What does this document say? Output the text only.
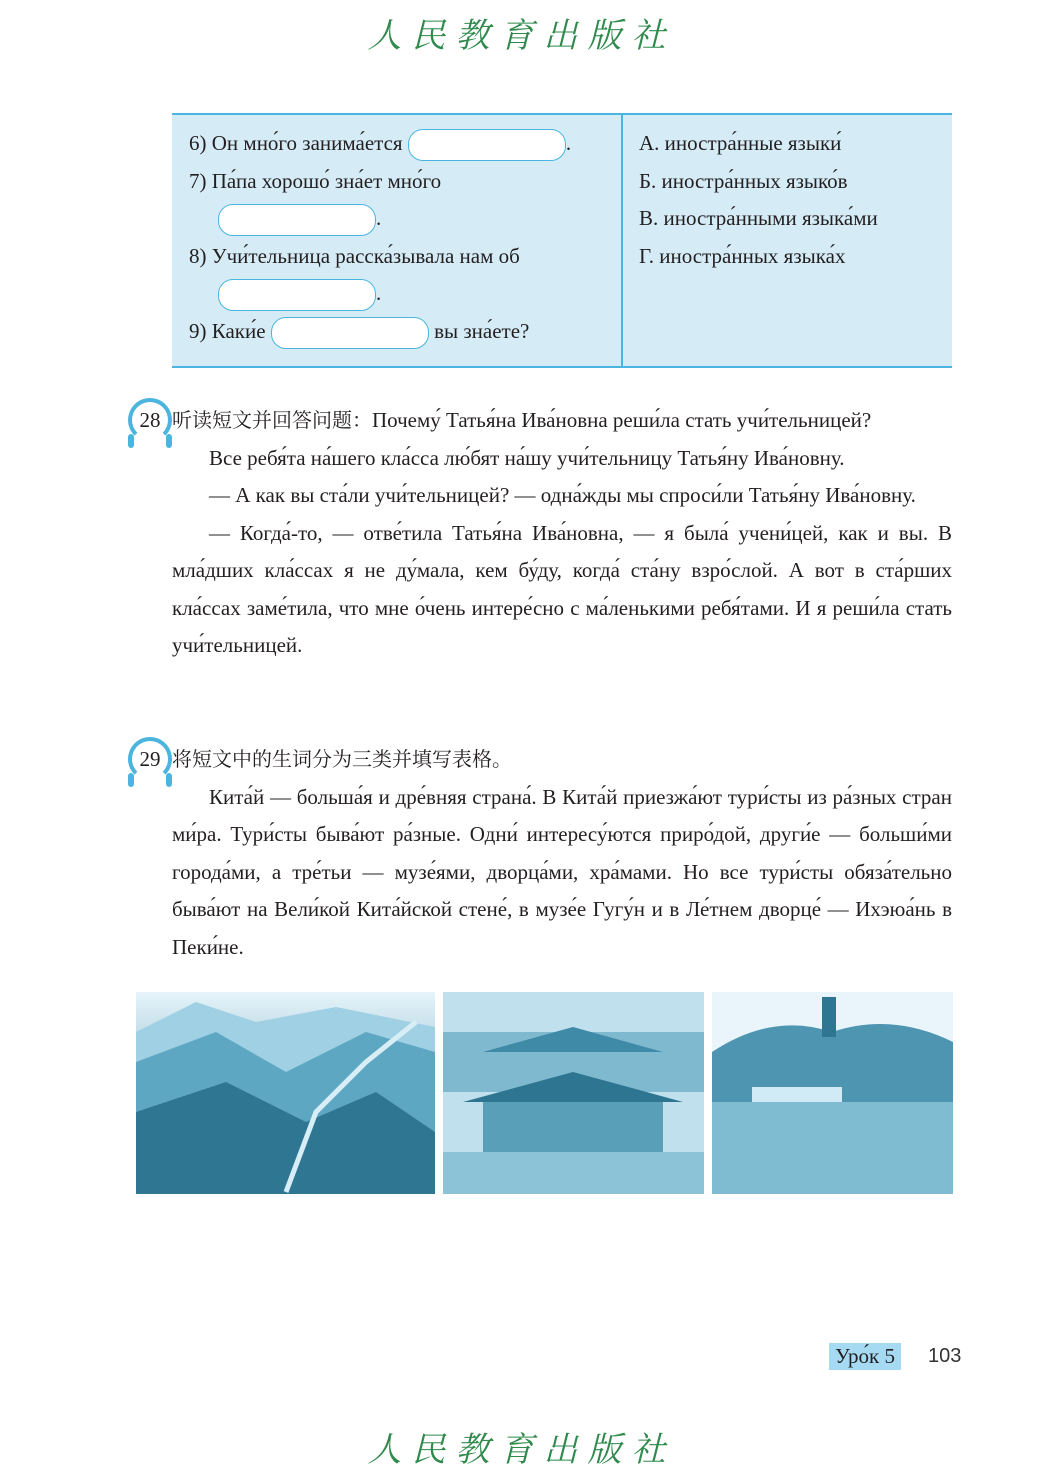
人民教育出版社
6) Он мно́го занима́ется	.
7) Па́па хорошо́ зна́ет мно́го
.
8) Учи́тельница расска́зывала нам об
.
9) Каки́е	вы зна́ете?
А. иностра́нные языки́
Б. иностра́нных языко́в
В. иностра́нными языка́ми
Г. иностра́нных языка́х
28 听读短文并回答问题：Почему́ Татья́на Ива́новна реши́ла стать учи́тельницей?

Все ребя́та на́шего кла́сса лю́бят на́шу учи́тельницу Татья́ну Ива́новну.

— А как вы ста́ли учи́тельницей? — одна́жды мы спроси́ли Татья́ну Ива́новну.

— Когда́-то, — отве́тила Татья́на Ива́новна, — я была́ учени́цей, как и вы. В мла́дших кла́ссах я не ду́мала, кем бу́ду, когда́ ста́ну взро́слой. А вот в ста́рших кла́ссах заме́тила, что мне о́чень интере́сно с ма́ленькими ребя́тами. И я реши́ла стать учи́тельницей.

29 将短文中的生词分为三类并填写表格。

Кита́й — больша́я и дре́вняя страна́. В Кита́й приезжа́ют тури́сты из ра́зных стран ми́ра. Тури́сты быва́ют ра́зные. Одни́ интересу́ются приро́дой, други́е — больши́ми города́ми, а тре́тьи — музе́ями, дворца́ми, хра́мами. Но все тури́сты обяза́тельно быва́ют на Вели́кой Кита́йской стене́, в музе́е Гугу́н и в Ле́тнем дворце́ — Ихэюа́нь в Пеки́не.

Уро́к 5	103
人民教育出版社
